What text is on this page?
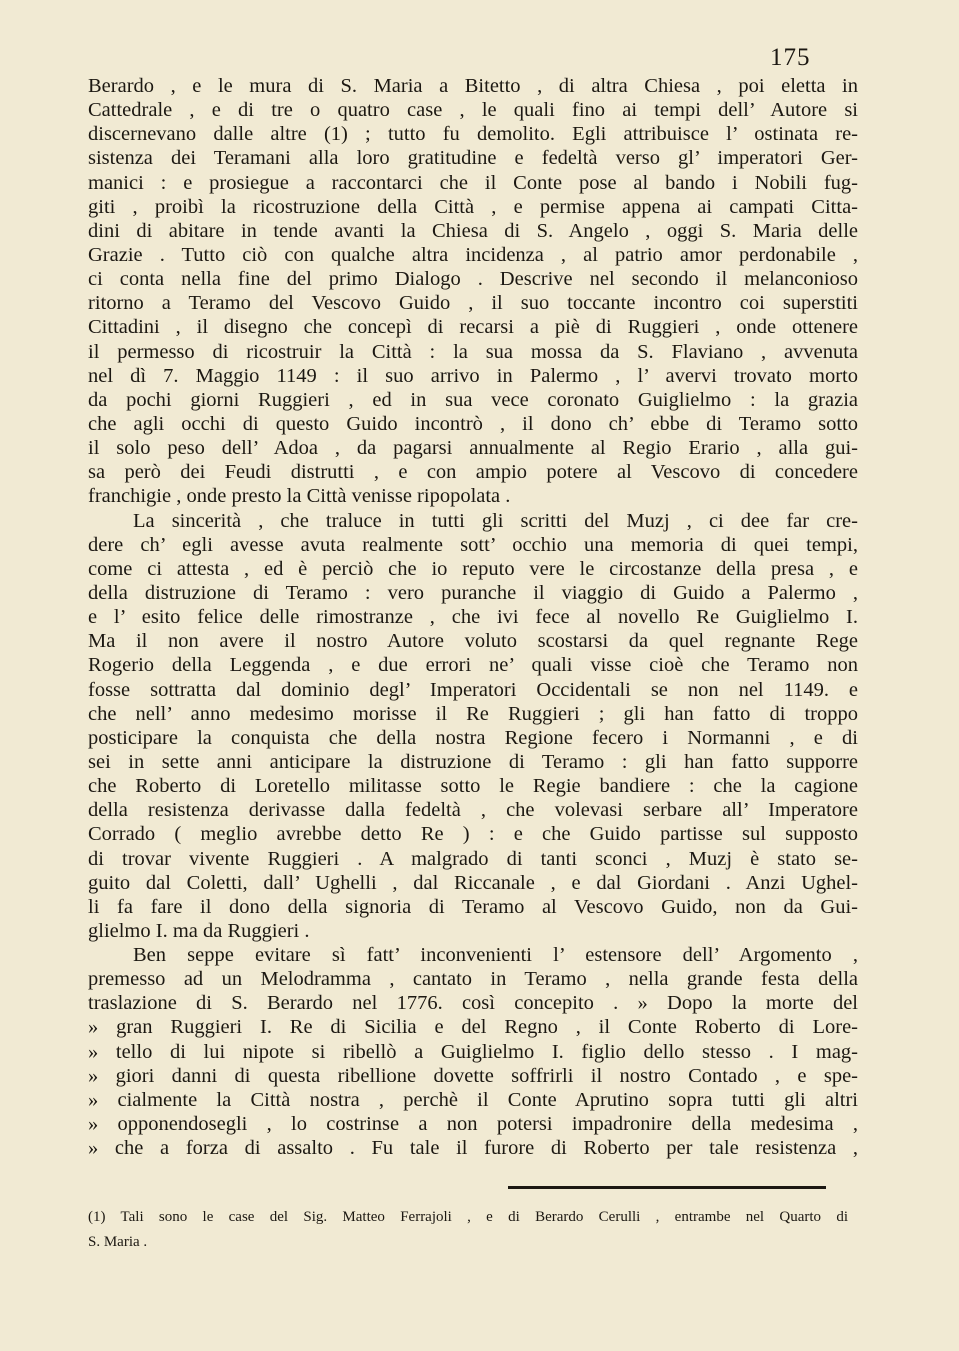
175
Berardo , e le mura di S. Maria a Bitetto , di altra Chiesa , poi eletta in
Cattedrale , e di tre o quatro case , le quali fino ai tempi dell’ Autore si
discernevano dalle altre (1) ; tutto fu demolito. Egli attribuisce l’ ostinata re-
sistenza dei Teramani alla loro gratitudine e fedeltà verso gl’ imperatori Ger-
manici : e prosiegue a raccontarci che il Conte pose al bando i Nobili fug-
giti , proibì la ricostruzione della Città , e permise appena ai campati Citta-
dini di abitare in tende avanti la Chiesa di S. Angelo , oggi S. Maria delle
Grazie . Tutto ciò con qualche altra incidenza , al patrio amor perdonabile ,
ci conta nella fine del primo Dialogo . Descrive nel secondo il melanconioso
ritorno a Teramo del Vescovo Guido , il suo toccante incontro coi superstiti
Cittadini , il disegno che concepì di recarsi a piè di Ruggieri , onde ottenere
il permesso di ricostruir la Città : la sua mossa da S. Flaviano , avvenuta
nel dì 7. Maggio 1149 : il suo arrivo in Palermo , l’ avervi trovato morto
da pochi giorni Ruggieri , ed in sua vece coronato Guiglielmo : la grazia
che agli occhi di questo Guido incontrò , il dono ch’ ebbe di Teramo sotto
il solo peso dell’ Adoa , da pagarsi annualmente al Regio Erario , alla gui-
sa però dei Feudi distrutti , e con ampio potere al Vescovo di concedere
franchigie , onde presto la Città venisse ripopolata .
La sincerità , che traluce in tutti gli scritti del Muzj , ci dee far cre-
dere ch’ egli avesse avuta realmente sott’ occhio una memoria di quei tempi,
come ci attesta , ed è perciò che io reputo vere le circostanze della presa , e
della distruzione di Teramo : vero puranche il viaggio di Guido a Palermo ,
e l’ esito felice delle rimostranze , che ivi fece al novello Re Guiglielmo I.
Ma il non avere il nostro Autore voluto scostarsi da quel regnante Rege
Rogerio della Leggenda , e due errori ne’ quali visse cioè che Teramo non
fosse sottratta dal dominio degl’ Imperatori Occidentali se non nel 1149. e
che nell’ anno medesimo morisse il Re Ruggieri ; gli han fatto di troppo
posticipare la conquista che della nostra Regione fecero i Normanni , e di
sei in sette anni anticipare la distruzione di Teramo : gli han fatto supporre
che Roberto di Loretello militasse sotto le Regie bandiere : che la cagione
della resistenza derivasse dalla fedeltà , che volevasi serbare all’ Imperatore
Corrado ( meglio avrebbe detto Re ) : e che Guido partisse sul supposto
di trovar vivente Ruggieri . A malgrado di tanti sconci , Muzj è stato se-
guito dal Coletti, dall’ Ughelli , dal Riccanale , e dal Giordani . Anzi Ughel-
li fa fare il dono della signoria di Teramo al Vescovo Guido, non da Gui-
glielmo I. ma da Ruggieri .
Ben seppe evitare sì fatt’ inconvenienti l’ estensore dell’ Argomento ,
premesso ad un Melodramma , cantato in Teramo , nella grande festa della
traslazione di S. Berardo nel 1776. così concepito . » Dopo la morte del
» gran Ruggieri I. Re di Sicilia e del Regno , il Conte Roberto di Lore-
» tello di lui nipote si ribellò a Guiglielmo I. figlio dello stesso . I mag-
» giori danni di questa ribellione dovette soffrirli il nostro Contado , e spe-
» cialmente la Città nostra , perchè il Conte Aprutino sopra tutti gli altri
» opponendosegli , lo costrinse a non potersi impadronire della medesima ,
» che a forza di assalto . Fu tale il furore di Roberto per tale resistenza ,
(1) Tali sono le case del Sig. Matteo Ferrajoli , e di Berardo Cerulli , entrambe nel Quarto di
S. Maria .
